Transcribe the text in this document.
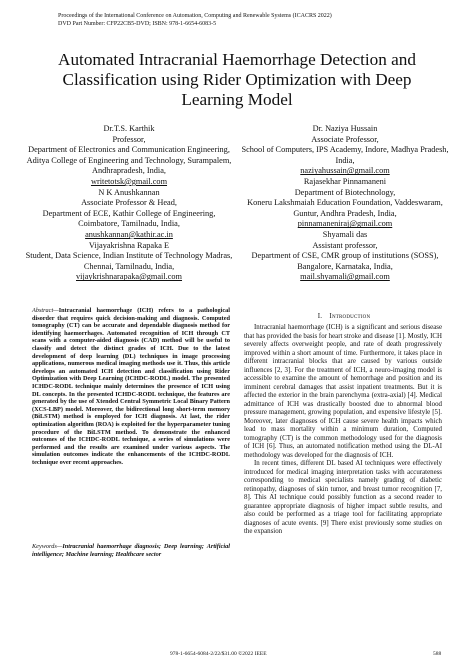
Proceedings of the International Conference on Automation, Computing and Renewable Systems (ICACRS 2022)
DVD Part Number: CFP22CB5-DVD; ISBN: 978-1-6654-6083-5
Automated Intracranial Haemorrhage Detection and Classification using Rider Optimization with Deep Learning Model
Dr.T.S. Karthik
Professor,
Department of Electronics and Communication Engineering,
Aditya College of Engineering and Technology, Surampalem, Andhrapradesh, India,
writetotsk@gmail.com
N K Anushkannan
Associate Professor & Head,
Department of ECE, Kathir College of Engineering, Coimbatore, Tamilnadu, India,
anushkannan@kathir.ac.in
Vijayakrishna Rapaka E
Student, Data Science, Indian Institute of Technology Madras, Chennai, Tamilnadu, India,
vijaykrishnarapaka@gmail.com
Dr. Naziya Hussain
Associate Professor,
School of Computers, IPS Academy, Indore, Madhya Pradesh, India,
naziyahussain@gmail.com
Rajasekhar Pinnamaneni
Department of Biotechnology,
Koneru Lakshmaiah Education Foundation, Vaddeswaram, Guntur, Andhra Pradesh, India,
pinnamaneniraj@gmail.com
Shyamali das
Assistant professor,
Department of CSE, CMR group of institutions (SOSS), Bangalore, Karnataka, India,
mail.shyamali@gmail.com
Abstract—Intracranial haemorrhage (ICH) refers to a pathological disorder that requires quick decision-making and diagnosis. Computed tomography (CT) can be accurate and dependable diagnosis method for identifying haemorrhages. Automated recognition of ICH through CT scans with a computer-aided diagnosis (CAD) method will be useful to classify and detect the distinct grades of ICH. Due to the latest development of deep learning (DL) techniques in image processing applications, numerous medical imaging methods use it. Thus, this article develops an automated ICH detection and classification using Rider Optimization with Deep Learning (ICHDC-RODL) model. The presented ICHDC-RODL technique mainly determines the presence of ICH using DL concepts. In the presented ICHDC-RODL technique, the features are generated by the use of Xtended Central Symmetric Local Binary Pattern (XCS-LBP) model. Moreover, the bidirectional long short-term memory (BiLSTM) method is employed for ICH diagnosis. At last, the rider optimization algorithm (ROA) is exploited for the hyperparameter tuning procedure of the BiLSTM method. To demonstrate the enhanced outcomes of the ICHDC-RODL technique, a series of simulations were performed and the results are examined under various aspects. The simulation outcomes indicate the enhancements of the ICHDC-RODL technique over recent approaches.
Keywords—Intracranial haemorrhage diagnosis; Deep learning; Artificial intelligence; Machine learning; Healthcare sector
I.  Introduction

Intracranial haemorrhage (ICH) is a significant and serious disease that has provided the basis for heart stroke and disease [1]. Mostly, ICH severely affects overweight people, and rate of death progressively improved within a short amount of time. Furthermore, it takes place in different intracranial blocks that are caused by various outside influences [2, 3]. For the treatment of ICH, a neuro-imaging model is accessible to examine the amount of hemorrhage and position and its imminent cerebral damages that assist inpatient treatments. But it is affected the exterior in the brain parenchyma (extra-axial) [4]. Medical admittance of ICH was drastically boosted due to abnormal blood pressure management, growing population, and expensive lifestyle [5]. Moreover, later diagnoses of ICH cause severe health impacts which lead to mass mortality within a minimum duration, Computed tomography (CT) is the common methodology used for the diagnosis of ICH [6]. Thus, an automated notification method using the DL-AI methodology was developed for the diagnosis of ICH.

In recent times, different DL based AI techniques were effectively introduced for medical imaging interpretation tasks with accurateness corresponding to medical specialists namely grading of diabetic retinopathy, diagnoses of skin tumor, and breast tumor recognition [7, 8]. This AI technique could possibly function as a second reader to guarantee appropriate diagnosis of higher impact subtle results, and also could be performed as a triage tool for facilitating appropriate diagnoses of acute events. [9] There exist previously some studies on the expansion

978-1-6654-6084-2/22/$31.00 ©2022 IEEE	588
